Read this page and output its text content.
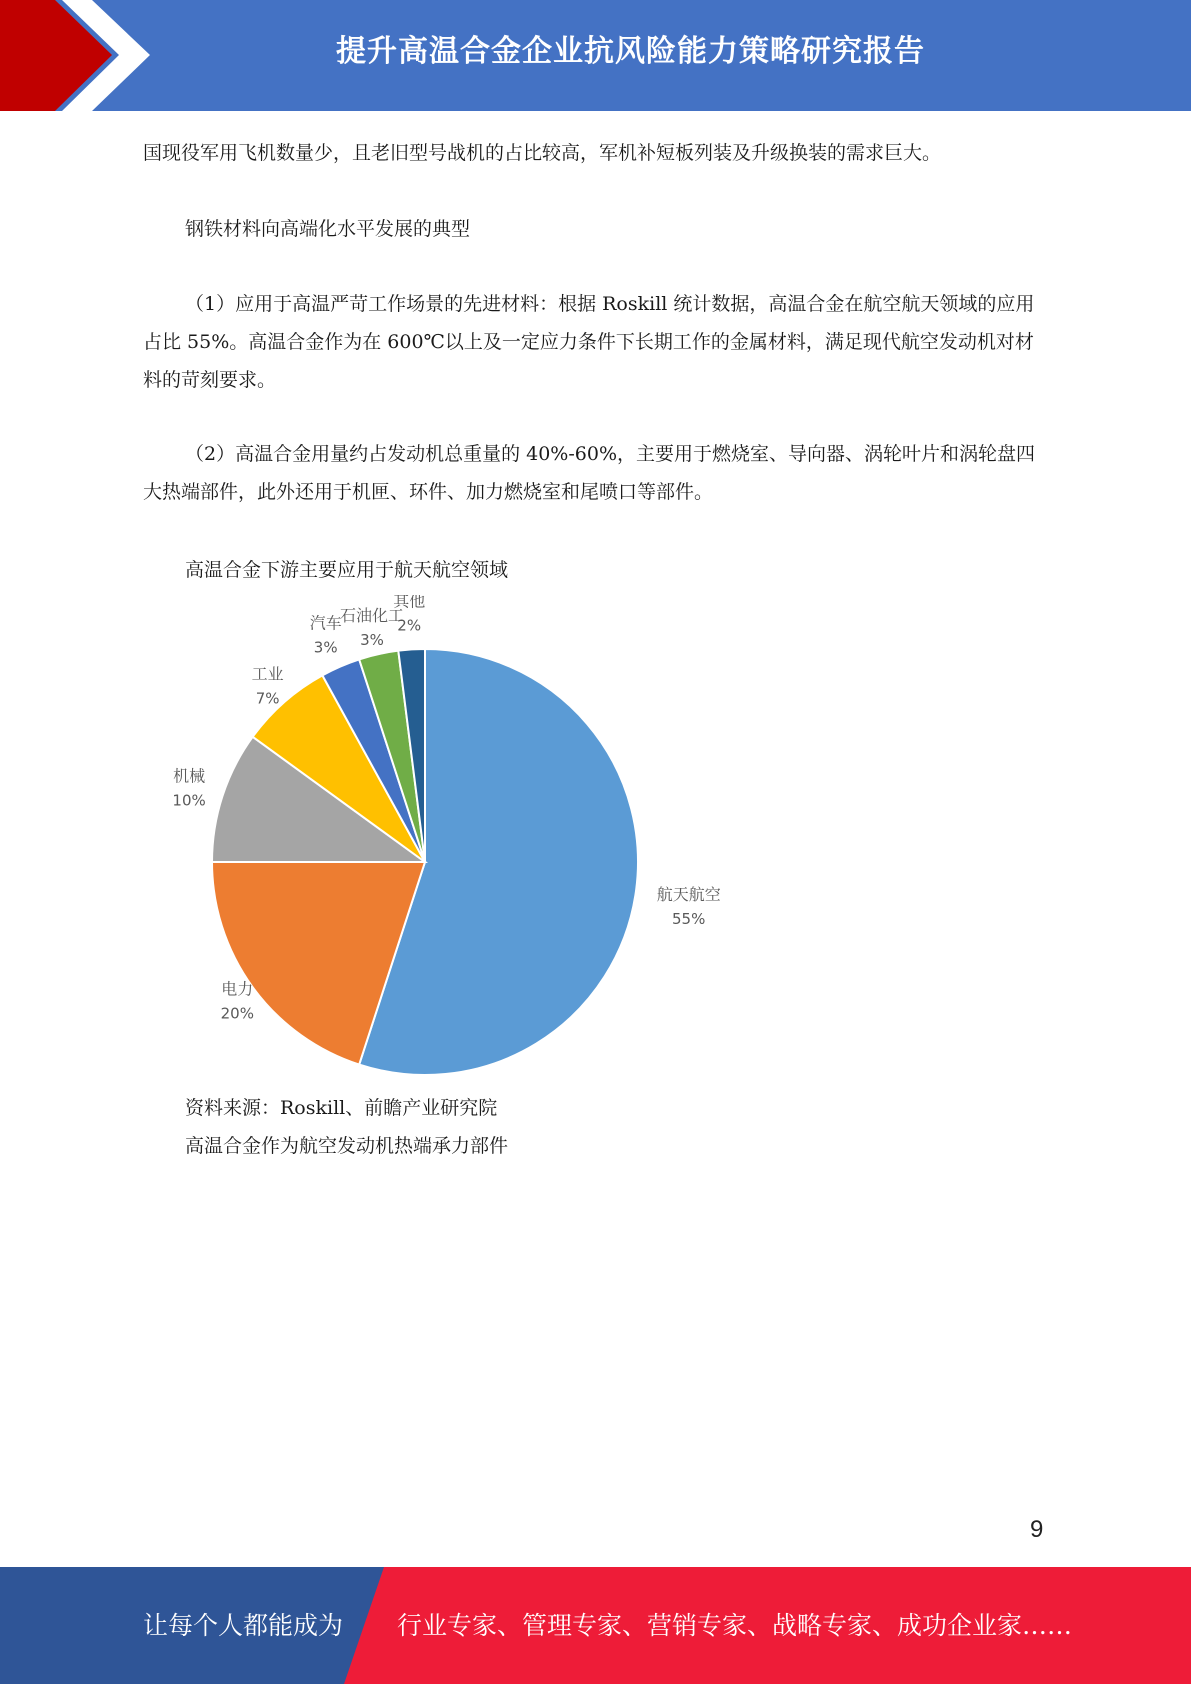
提升高温合金企业抗风险能力策略研究报告

国现役军用飞机数量少，且老旧型号战机的占比较高，军机补短板列装及升级换装的需求巨大。

钢铁材料向高端化水平发展的典型

（1）应用于高温严苛工作场景的先进材料：根据 Roskill 统计数据，高温合金在航空航天领域的应用占比 55%。高温合金作为在 600℃以上及一定应力条件下长期工作的金属材料，满足现代航空发动机对材料的苛刻要求。

（2）高温合金用量约占发动机总重量的 40%-60%，主要用于燃烧室、导向器、涡轮叶片和涡轮盘四大热端部件，此外还用于机匣、环件、加力燃烧室和尾喷口等部件。

高温合金下游主要应用于航天航空领域

航天航空
55%
电力
20%
机械
10%
工业
7%
汽车
3%
石油化工
3%
其他
2%

资料来源：Roskill、前瞻产业研究院

高温合金作为航空发动机热端承力部件

9
让每个人都能成为 行业专家、管理专家、营销专家、战略专家、成功企业家……
